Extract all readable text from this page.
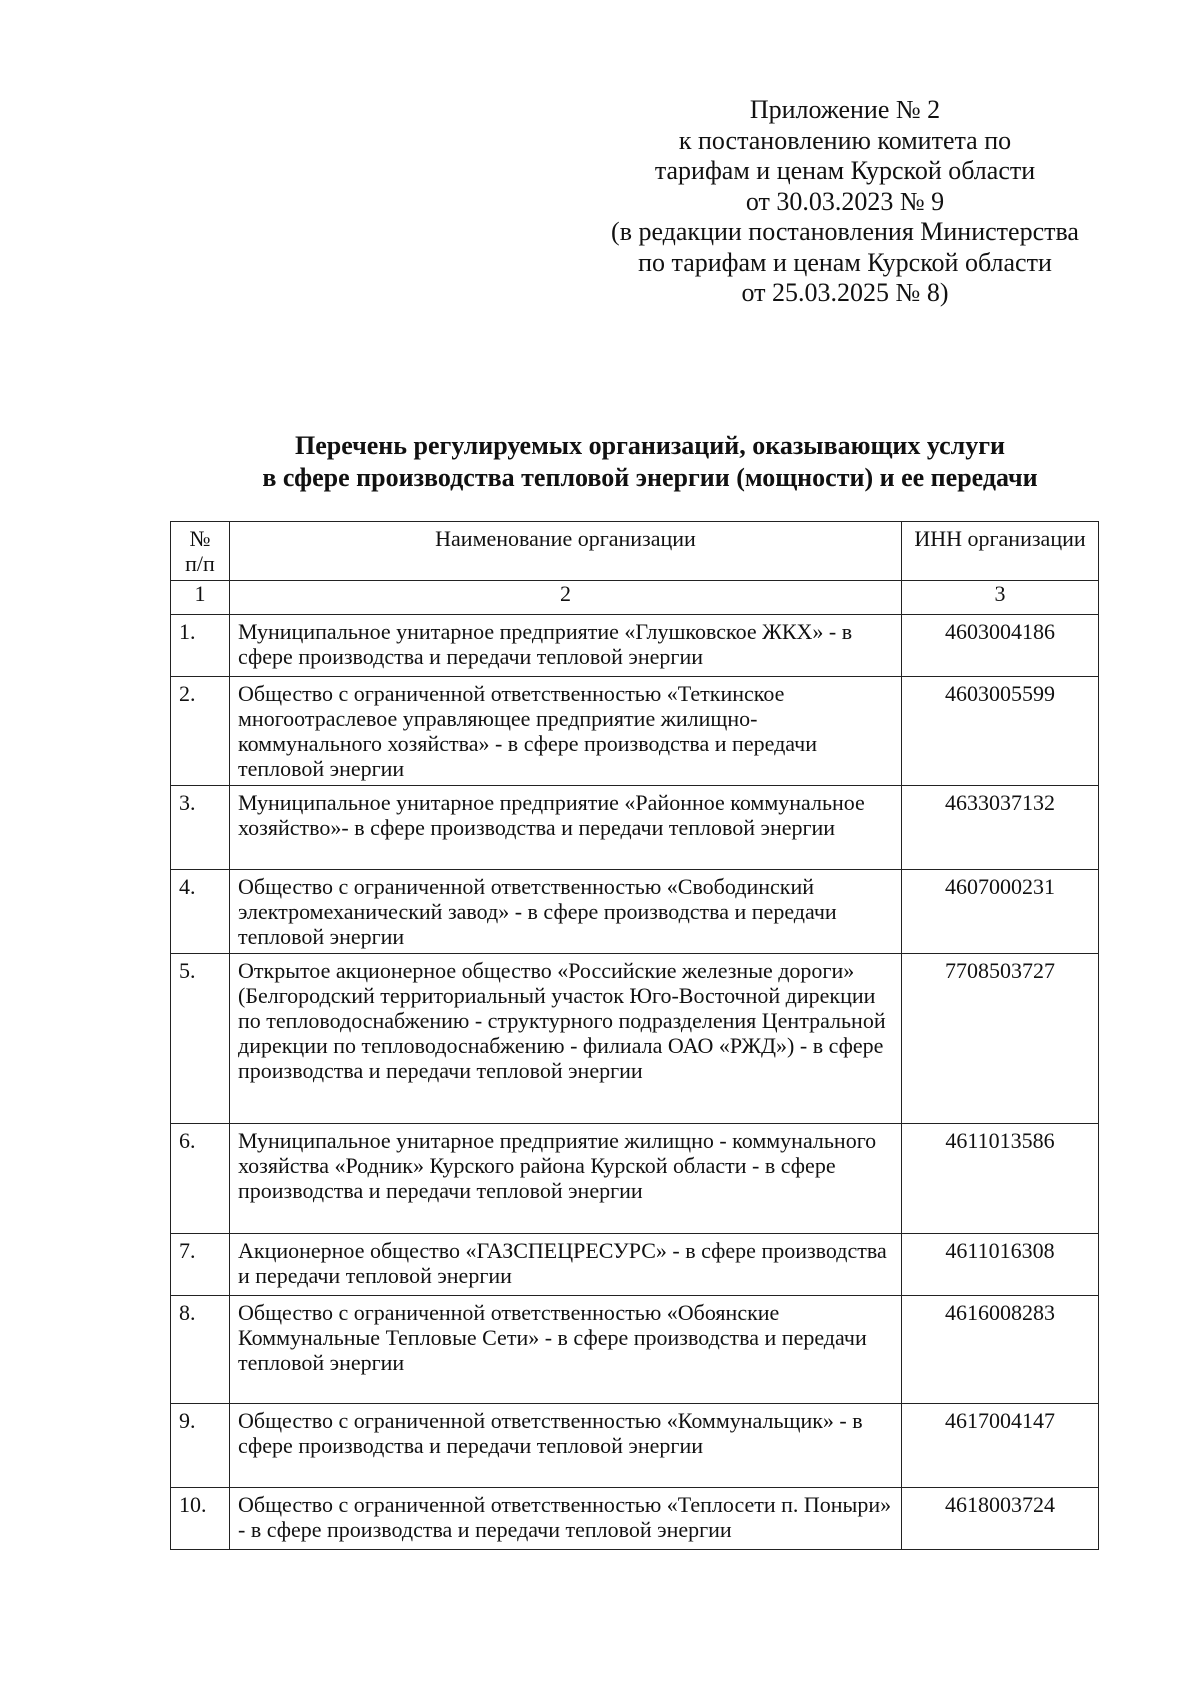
Приложение № 2
к постановлению комитета по
тарифам и ценам Курской области
от 30.03.2023 № 9
(в редакции постановления Министерства
по тарифам и ценам Курской области
от 25.03.2025 № 8)
Перечень регулируемых организаций, оказывающих услуги
в сфере производства тепловой энергии (мощности) и ее передачи
№ п/п	Наименование организации	ИНН организации
1	2	3
1.	Муниципальное унитарное предприятие «Глушковское ЖКХ» - в сфере производства и передачи тепловой энергии	4603004186
2.	Общество с ограниченной ответственностью «Теткинское многоотраслевое управляющее предприятие жилищно-коммунального хозяйства» - в сфере производства и передачи тепловой энергии	4603005599
3.	Муниципальное унитарное предприятие «Районное коммунальное хозяйство»- в сфере производства и передачи тепловой энергии	4633037132
4.	Общество с ограниченной ответственностью «Свободинский электромеханический завод» - в сфере производства и передачи тепловой энергии	4607000231
5.	Открытое акционерное общество «Российские железные дороги» (Белгородский территориальный участок Юго-Восточной дирекции по тепловодоснабжению - структурного подразделения Центральной дирекции по тепловодоснабжению - филиала ОАО «РЖД») - в сфере производства и передачи тепловой энергии	7708503727
6.	Муниципальное унитарное предприятие жилищно - коммунального хозяйства «Родник» Курского района Курской области - в сфере производства и передачи тепловой энергии	4611013586
7.	Акционерное общество «ГАЗСПЕЦРЕСУРС» - в сфере производства и передачи тепловой энергии	4611016308
8.	Общество с ограниченной ответственностью «Обоянские Коммунальные Тепловые Сети» - в сфере производства и передачи тепловой энергии	4616008283
9.	Общество с ограниченной ответственностью «Коммунальщик» - в сфере производства и передачи тепловой энергии	4617004147
10.	Общество с ограниченной ответственностью «Теплосети п. Поныри» - в сфере производства и передачи тепловой энергии	4618003724
